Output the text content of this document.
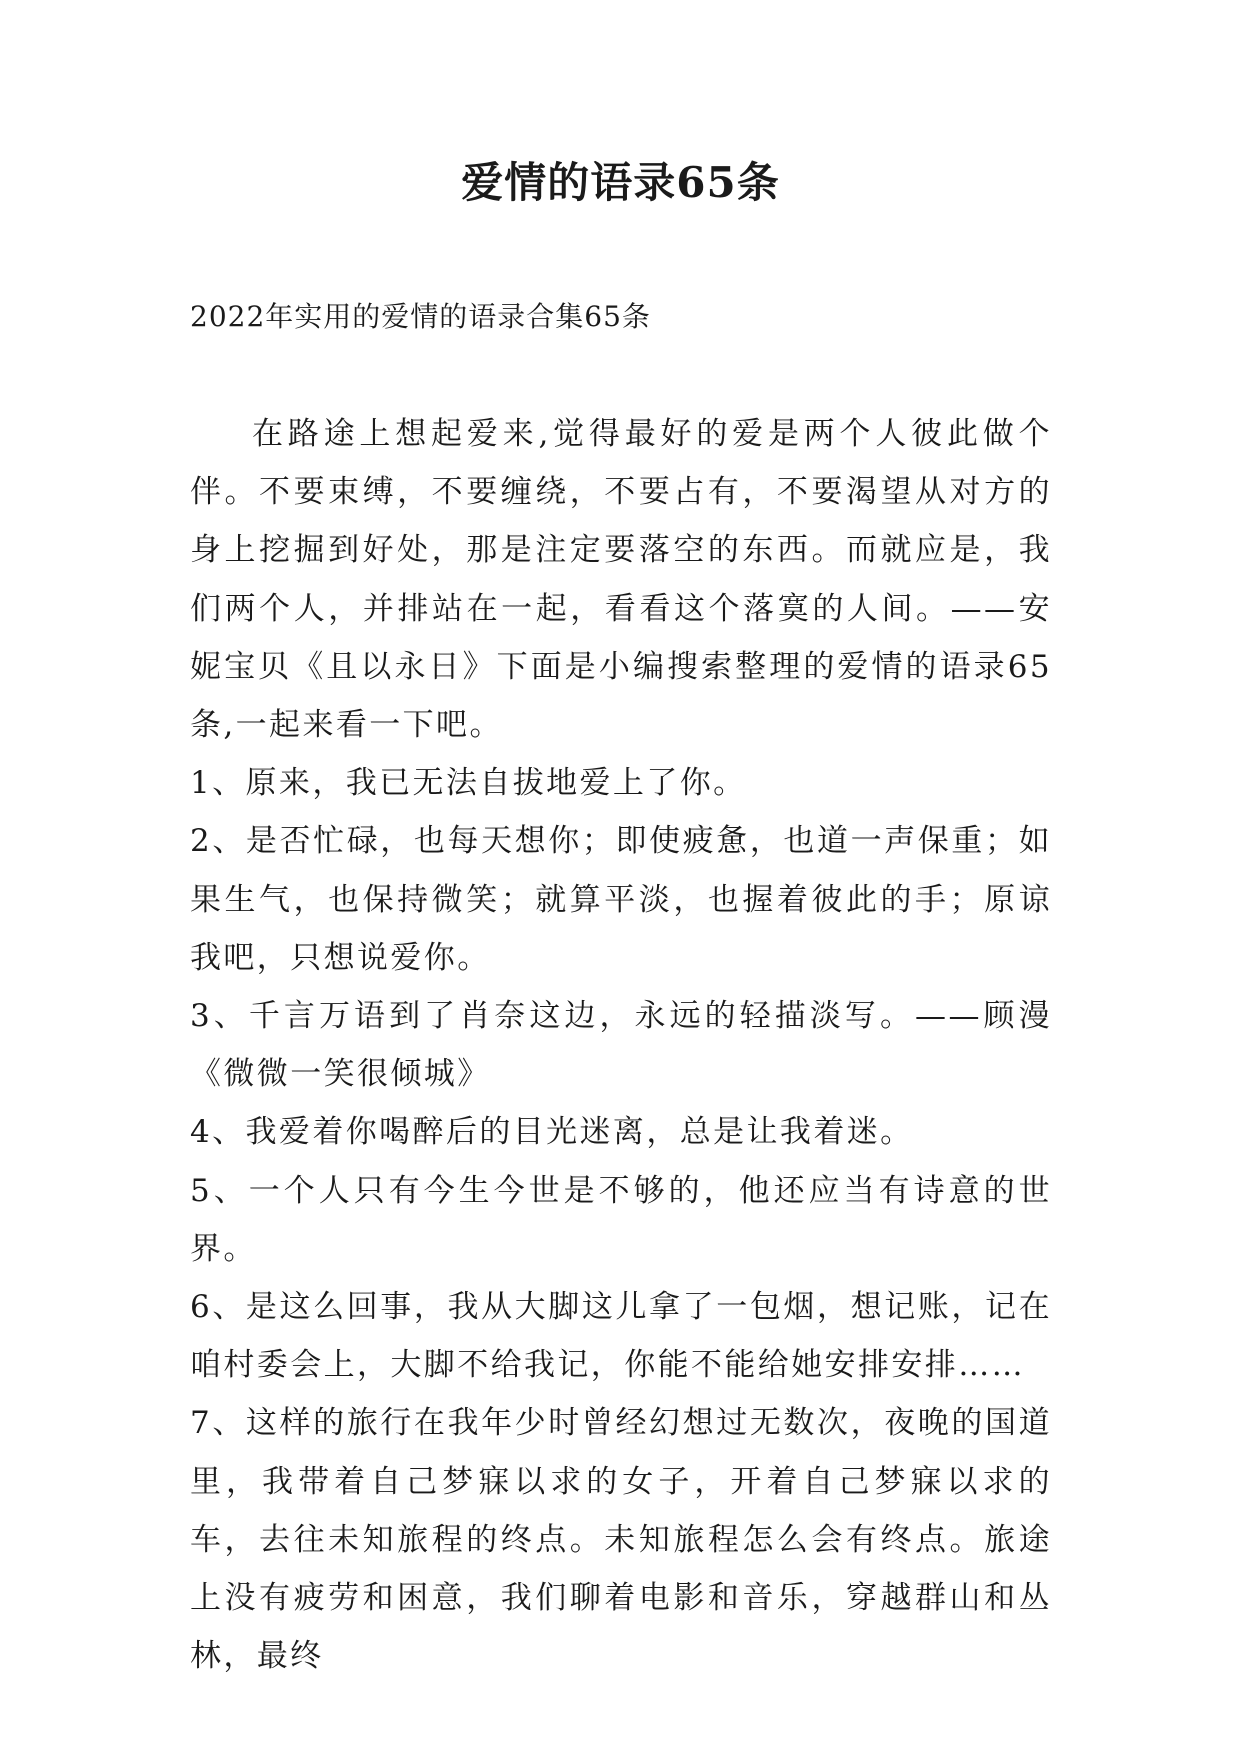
爱情的语录65条

2022年实用的爱情的语录合集65条

在路途上想起爱来,觉得最好的爱是两个人彼此做个伴。不要束缚，不要缠绕，不要占有，不要渴望从对方的身上挖掘到好处，那是注定要落空的东西。而就应是，我们两个人，并排站在一起，看看这个落寞的人间。——安妮宝贝《且以永日》下面是小编搜索整理的爱情的语录65条,一起来看一下吧。

1、原来，我已无法自拔地爱上了你。

2、是否忙碌，也每天想你；即使疲惫，也道一声保重；如果生气，也保持微笑；就算平淡，也握着彼此的手；原谅我吧，只想说爱你。

3、千言万语到了肖奈这边，永远的轻描淡写。——顾漫《微微一笑很倾城》

4、我爱着你喝醉后的目光迷离，总是让我着迷。

5、一个人只有今生今世是不够的，他还应当有诗意的世界。

6、是这么回事，我从大脚这儿拿了一包烟，想记账，记在咱村委会上，大脚不给我记，你能不能给她安排安排……

7、这样的旅行在我年少时曾经幻想过无数次，夜晚的国道里，我带着自己梦寐以求的女子，开着自己梦寐以求的车，去往未知旅程的终点。未知旅程怎么会有终点。旅途上没有疲劳和困意，我们聊着电影和音乐，穿越群山和丛林，最终
